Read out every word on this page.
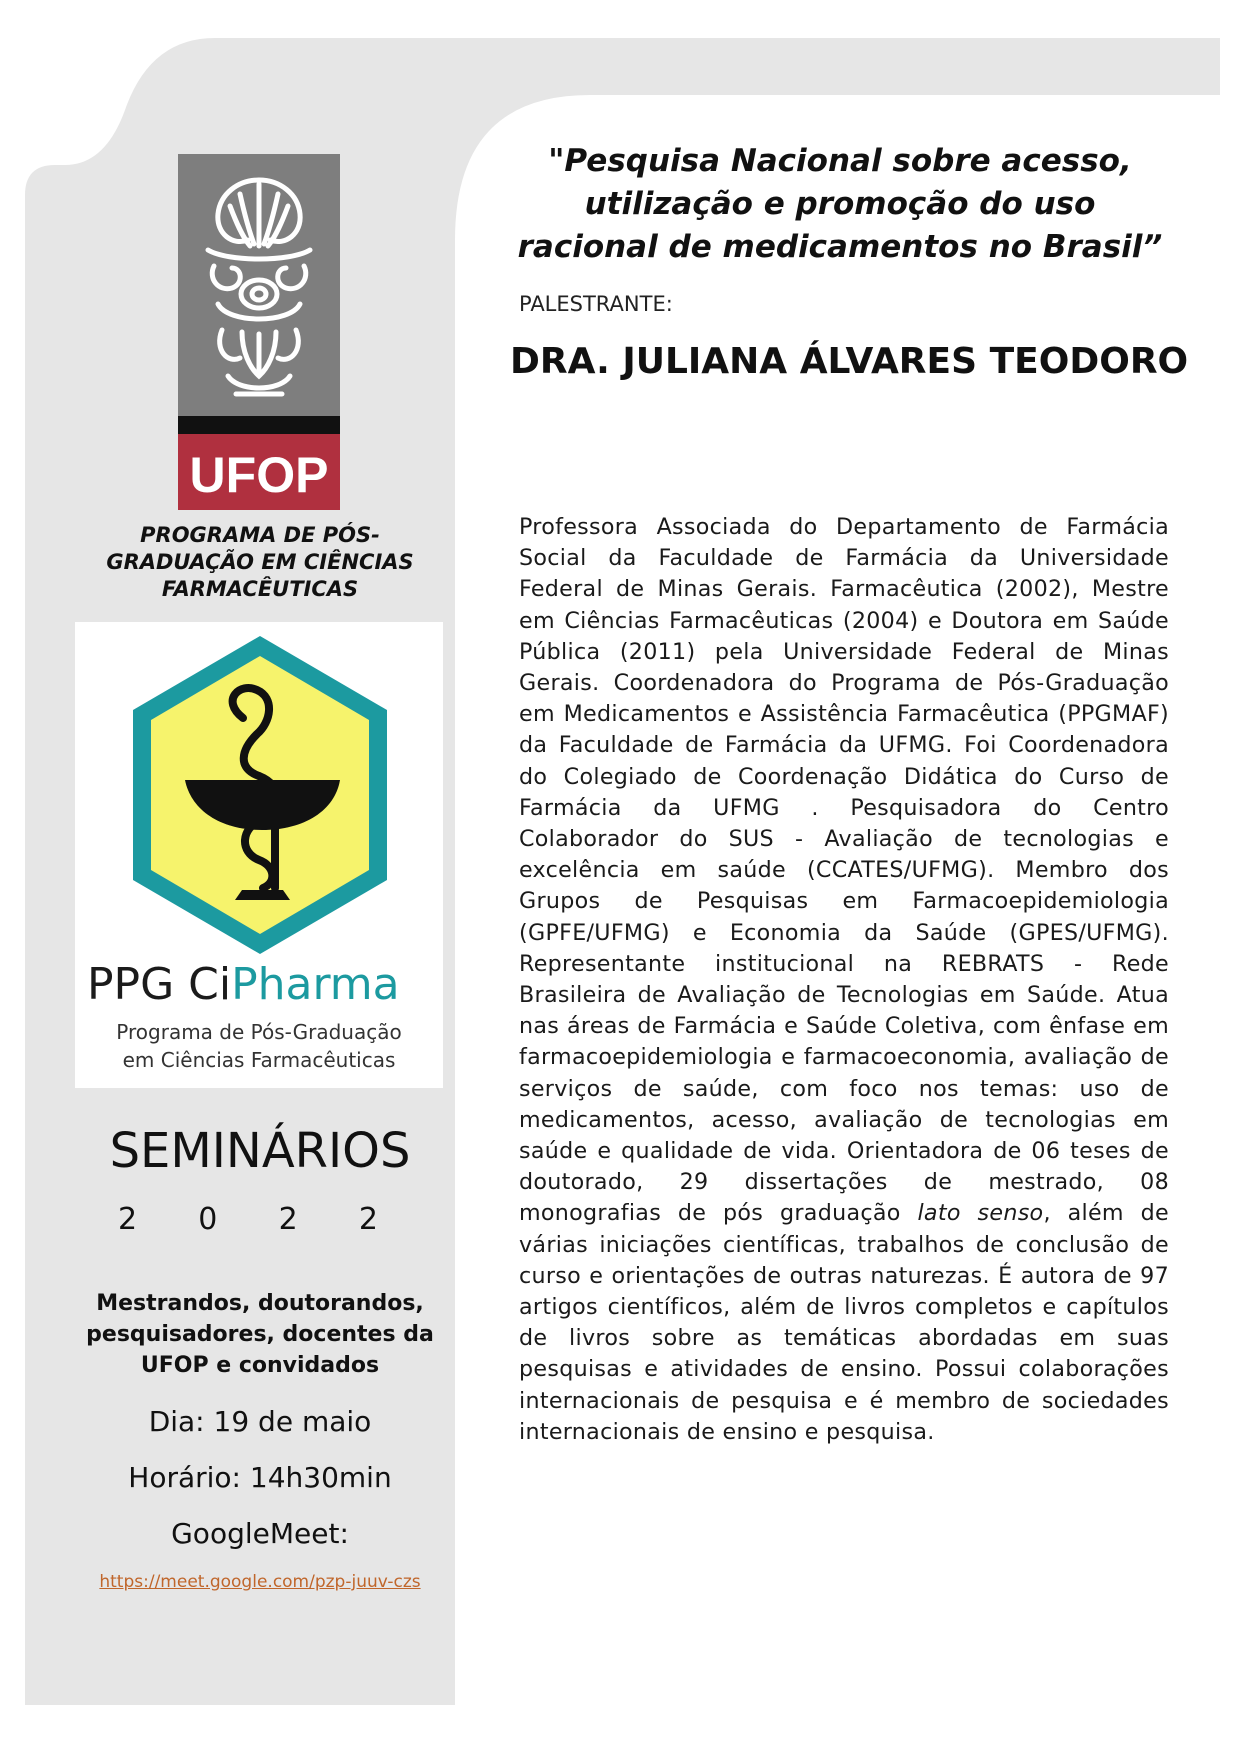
UFOP
PROGRAMA DE PÓS-GRADUAÇÃO EM CIÊNCIAS FARMACÊUTICAS
PPG CiPharma
Programa de Pós-Graduação
em Ciências Farmacêuticas
SEMINÁRIOS
2 0 2 2
Mestrandos, doutorandos, pesquisadores, docentes da UFOP e convidados
Dia: 19 de maio
Horário: 14h30min
GoogleMeet:
https://meet.google.com/pzp-juuv-czs
"Pesquisa Nacional sobre acesso, utilização e promoção do uso racional de medicamentos no Brasil”
PALESTRANTE:
DRA. JULIANA ÁLVARES TEODORO
Professora Associada do Departamento de Farmácia Social da Faculdade de Farmácia da Universidade Federal de Minas Gerais. Farmacêutica (2002), Mestre em Ciências Farmacêuticas (2004) e Doutora em Saúde Pública (2011) pela Universidade Federal de Minas Gerais. Coordenadora do Programa de Pós-Graduação em Medicamentos e Assistência Farmacêutica (PPGMAF) da Faculdade de Farmácia da UFMG. Foi Coordenadora do Colegiado de Coordenação Didática do Curso de Farmácia da UFMG . Pesquisadora do Centro Colaborador do SUS - Avaliação de tecnologias e excelência em saúde (CCATES/UFMG). Membro dos Grupos de Pesquisas em Farmacoepidemiologia (GPFE/UFMG) e Economia da Saúde (GPES/UFMG). Representante institucional na REBRATS - Rede Brasileira de Avaliação de Tecnologias em Saúde. Atua nas áreas de Farmácia e Saúde Coletiva, com ênfase em farmacoepidemiologia e farmacoeconomia, avaliação de serviços de saúde, com foco nos temas: uso de medicamentos, acesso, avaliação de tecnologias em saúde e qualidade de vida. Orientadora de 06 teses de doutorado, 29 dissertações de mestrado, 08 monografias de pós graduação lato senso, além de várias iniciações científicas, trabalhos de conclusão de curso e orientações de outras naturezas. É autora de 97 artigos científicos, além de livros completos e capítulos de livros sobre as temáticas abordadas em suas pesquisas e atividades de ensino. Possui colaborações internacionais de pesquisa e é membro de sociedades internacionais de ensino e pesquisa.
